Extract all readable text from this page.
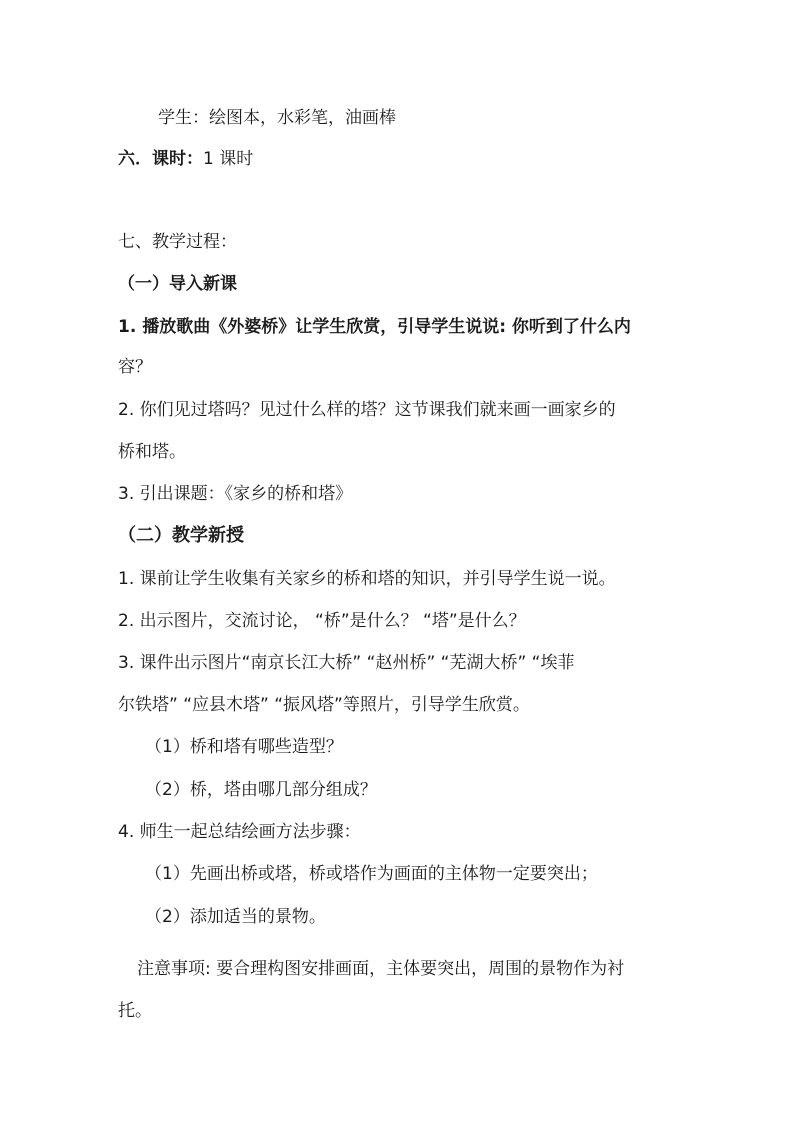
学生：绘图本，水彩笔，油画棒
六．课时：1 课时
七、教学过程：
（一）导入新课
1. 播放歌曲《外婆桥》让学生欣赏，引导学生说说: 你听到了什么内
容？
2. 你们见过塔吗？见过什么样的塔？这节课我们就来画一画家乡的
桥和塔。
3. 引出课题：《家乡的桥和塔》
（二）教学新授
1. 课前让学生收集有关家乡的桥和塔的知识，并引导学生说一说。
2. 出示图片，交流讨论， “桥”是什么？ “塔”是什么？
3. 课件出示图片“南京长江大桥” “赵州桥” “芜湖大桥” “埃菲
尔铁塔” “应县木塔” “振风塔”等照片，引导学生欣赏。
（1）桥和塔有哪些造型？
（2）桥，塔由哪几部分组成？
4. 师生一起总结绘画方法步骤：
（1）先画出桥或塔，桥或塔作为画面的主体物一定要突出；
（2）添加适当的景物。
注意事项: 要合理构图安排画面，主体要突出，周围的景物作为衬
托。
